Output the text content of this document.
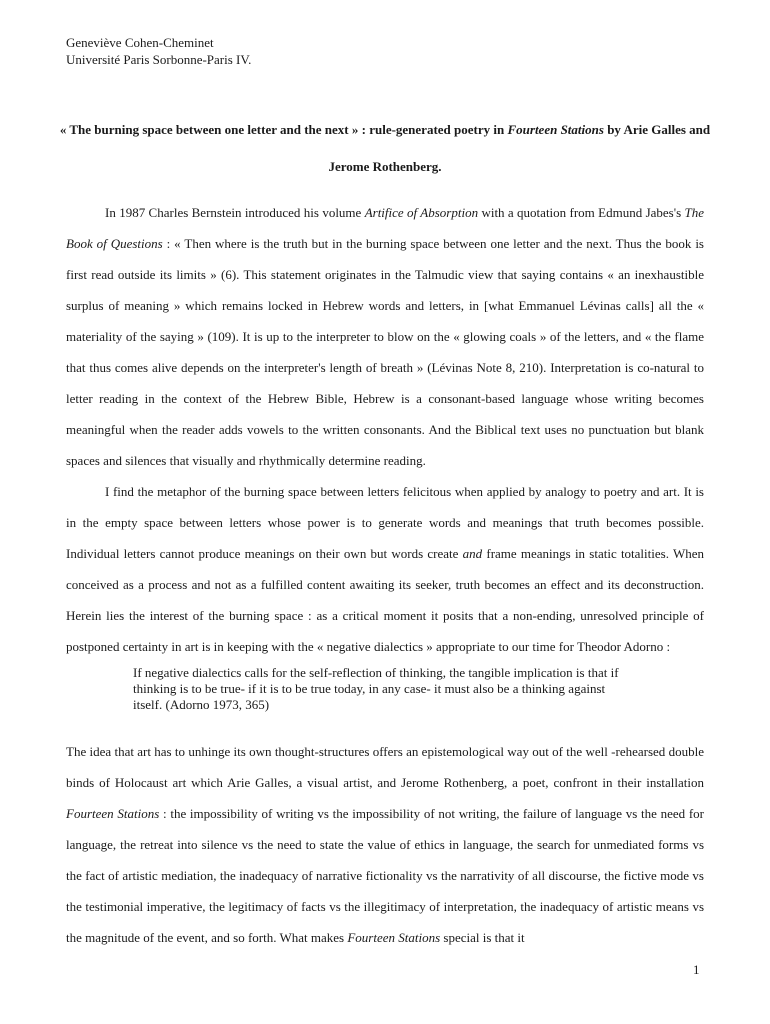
Geneviève Cohen-Cheminet
Université Paris Sorbonne-Paris IV.
« The burning space between one letter and the next » : rule-generated poetry in Fourteen Stations by Arie Galles and Jerome Rothenberg.

In 1987 Charles Bernstein introduced his volume Artifice of Absorption with a quotation from Edmund Jabes's The Book of Questions : « Then where is the truth but in the burning space between one letter and the next. Thus the book is first read outside its limits » (6). This statement originates in the Talmudic view that saying contains « an inexhaustible surplus of meaning » which remains locked in Hebrew words and letters, in [what Emmanuel Lévinas calls] all the « materiality of the saying » (109). It is up to the interpreter to blow on the « glowing coals » of the letters, and « the flame that thus comes alive depends on the interpreter's length of breath » (Lévinas Note 8, 210). Interpretation is co-natural to letter reading in the context of the Hebrew Bible, Hebrew is a consonant-based language whose writing becomes meaningful when the reader adds vowels to the written consonants. And the Biblical text uses no punctuation but blank spaces and silences that visually and rhythmically determine reading.

I find the metaphor of the burning space between letters felicitous when applied by analogy to poetry and art. It is in the empty space between letters whose power is to generate words and meanings that truth becomes possible. Individual letters cannot produce meanings on their own but words create and frame meanings in static totalities. When conceived as a process and not as a fulfilled content awaiting its seeker, truth becomes an effect and its deconstruction. Herein lies the interest of the burning space : as a critical moment it posits that a non-ending, unresolved principle of postponed certainty in art is in keeping with the « negative dialectics » appropriate to our time for Theodor Adorno :

If negative dialectics calls for the self-reflection of thinking, the tangible implication is that if
thinking is to be true- if it is to be true today, in any case- it must also be a thinking against
itself. (Adorno 1973, 365)

The idea that art has to unhinge its own thought-structures offers an epistemological way out of the well -rehearsed double binds of Holocaust art which Arie Galles, a visual artist, and Jerome Rothenberg, a poet, confront in their installation Fourteen Stations : the impossibility of writing vs the impossibility of not writing, the failure of language vs the need for language, the retreat into silence vs the need to state the value of ethics in language, the search for unmediated forms vs the fact of artistic mediation, the inadequacy of narrative fictionality vs the narrativity of all discourse, the fictive mode vs the testimonial imperative, the legitimacy of facts vs the illegitimacy of interpretation, the inadequacy of artistic means vs the magnitude of the event, and so forth. What makes Fourteen Stations special is that it

1
